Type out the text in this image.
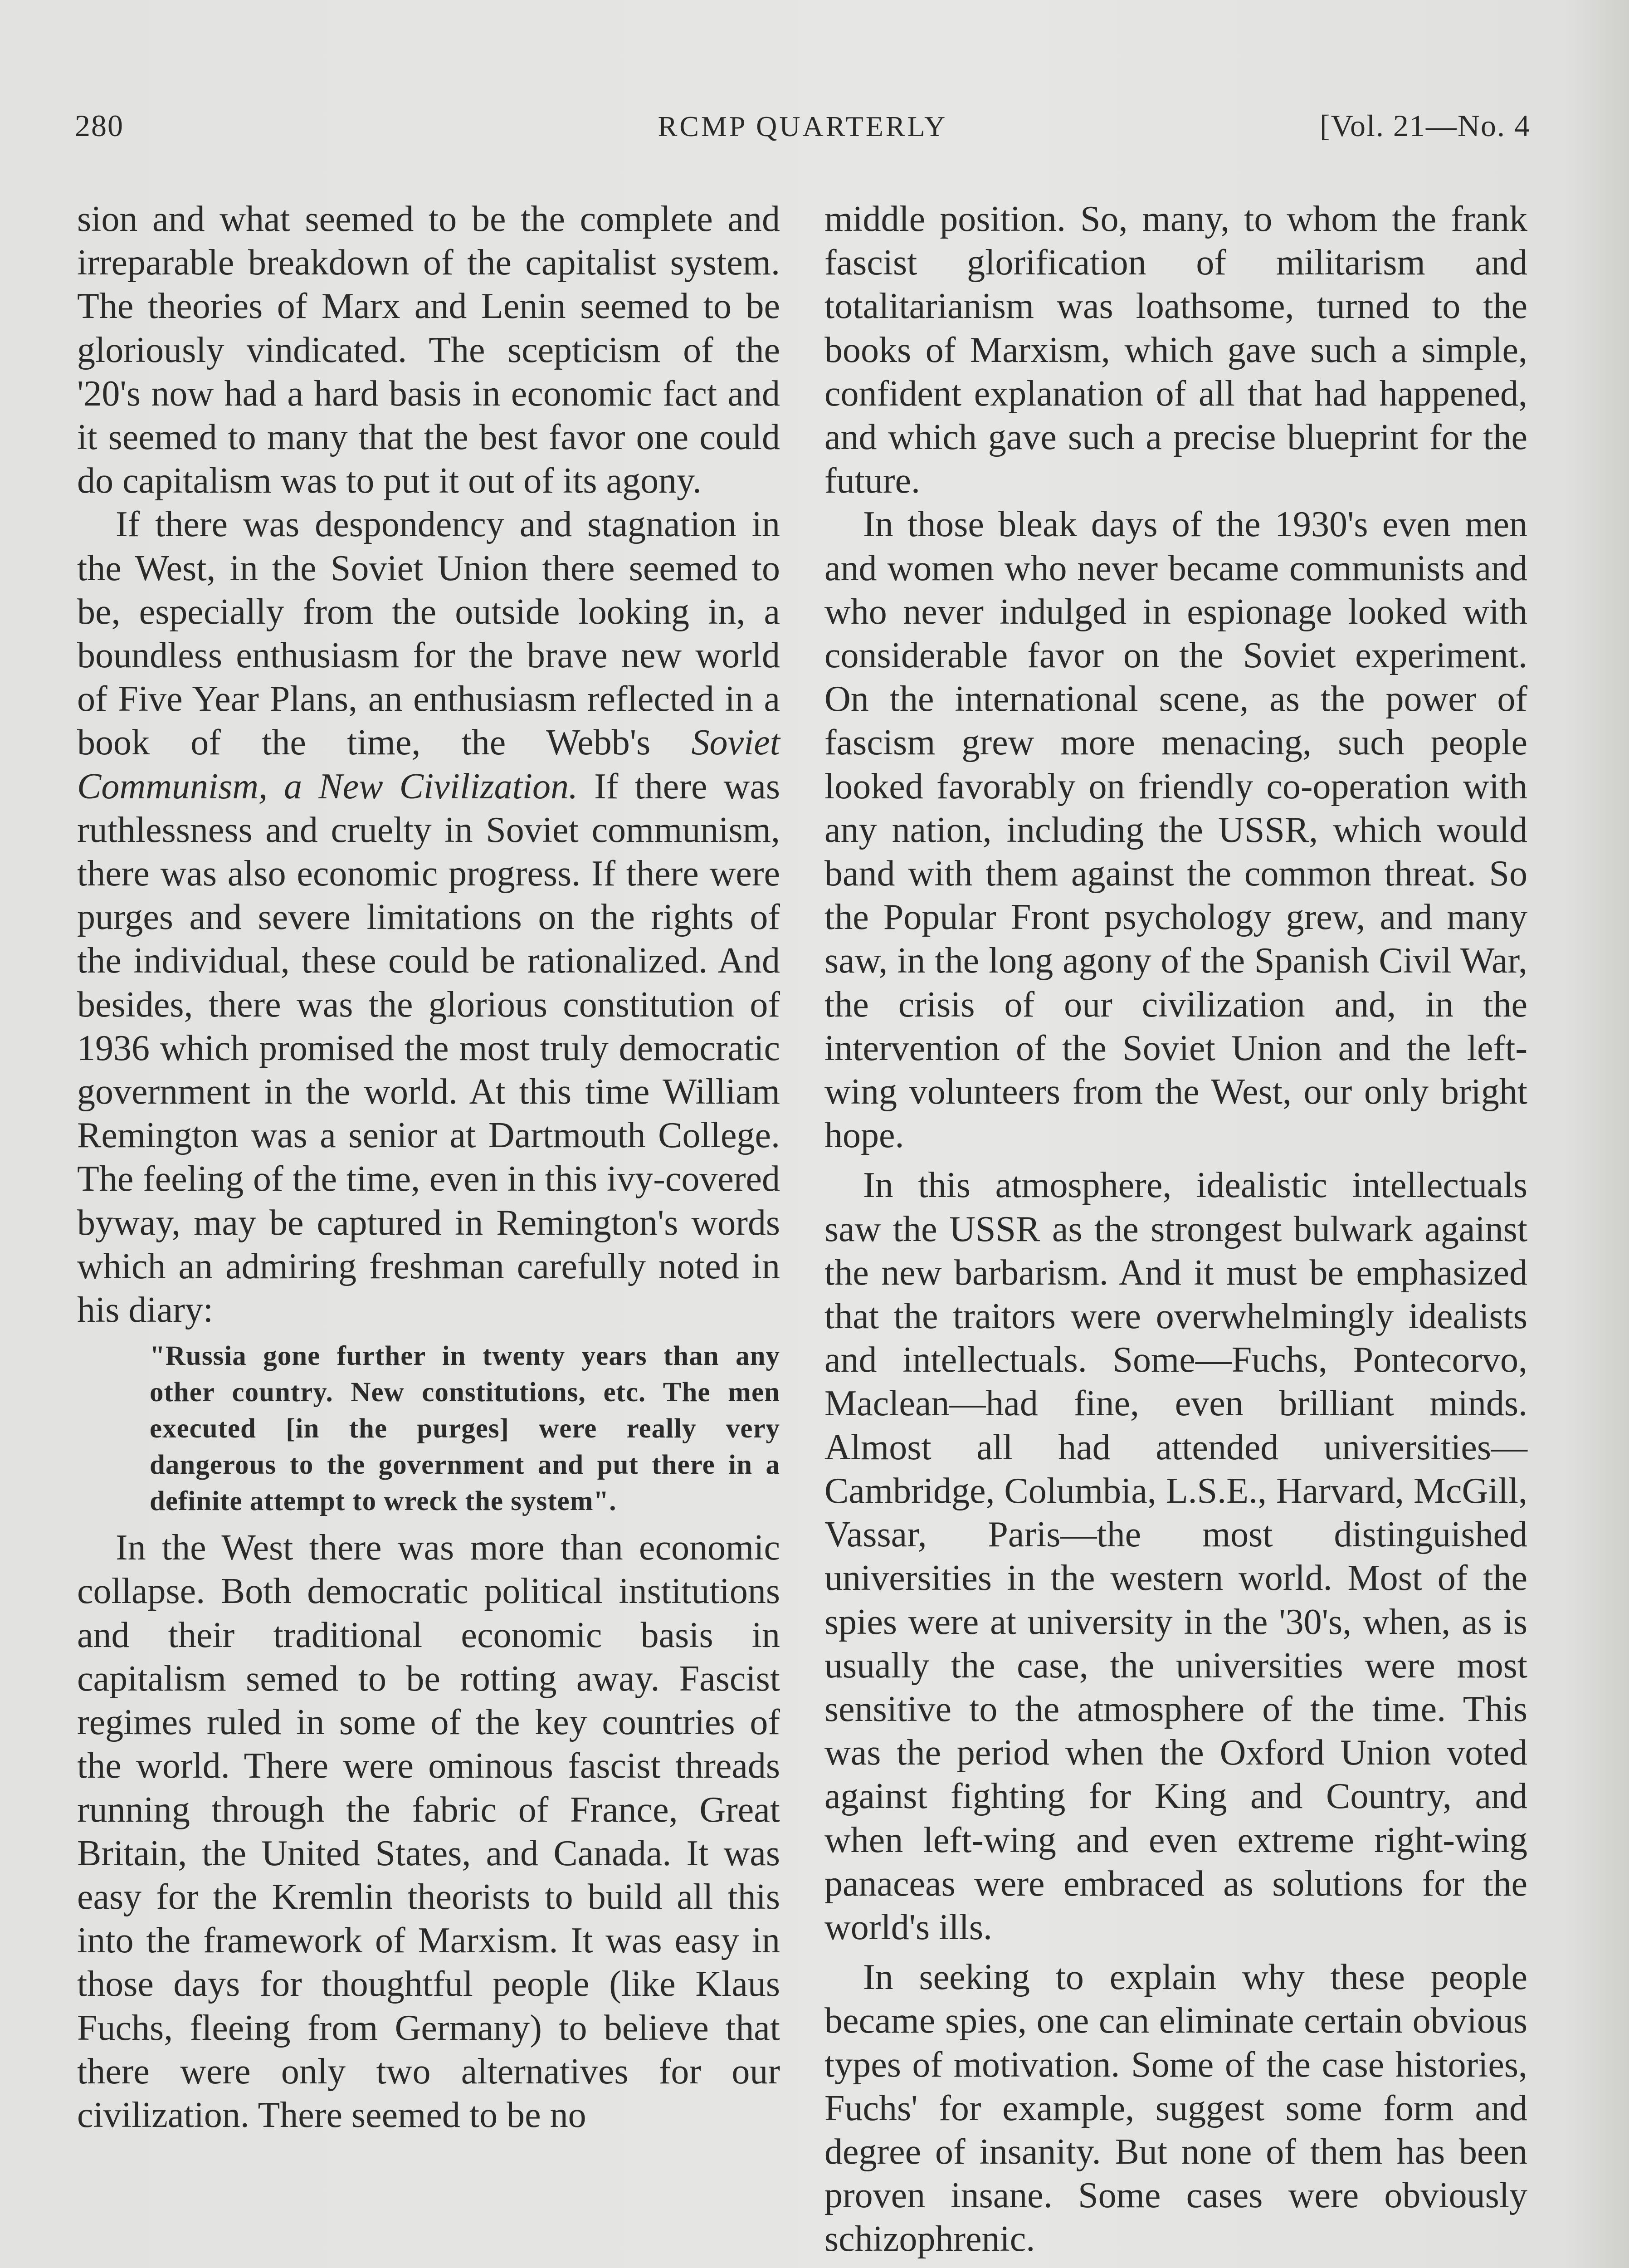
280	RCMP QUARTERLY	[Vol. 21—No. 4

sion and what seemed to be the complete and irreparable breakdown of the capitalist system. The theories of Marx and Lenin seemed to be gloriously vindicated. The scepticism of the '20's now had a hard basis in economic fact and it seemed to many that the best favor one could do capitalism was to put it out of its agony.

If there was despondency and stagnation in the West, in the Soviet Union there seemed to be, especially from the outside looking in, a boundless enthusiasm for the brave new world of Five Year Plans, an enthusiasm reflected in a book of the time, the Webb's Soviet Communism, a New Civilization. If there was ruthlessness and cruelty in Soviet communism, there was also economic progress. If there were purges and severe limitations on the rights of the individual, these could be rationalized. And besides, there was the glorious constitution of 1936 which promised the most truly democratic government in the world. At this time William Remington was a senior at Dartmouth College. The feeling of the time, even in this ivy-covered byway, may be captured in Remington's words which an admiring freshman carefully noted in his diary:

"Russia gone further in twenty years than any other country. New constitutions, etc. The men executed [in the purges] were really very dangerous to the government and put there in a definite attempt to wreck the system".

In the West there was more than economic collapse. Both democratic political institutions and their traditional economic basis in capitalism semed to be rotting away. Fascist regimes ruled in some of the key countries of the world. There were ominous fascist threads running through the fabric of France, Great Britain, the United States, and Canada. It was easy for the Kremlin theorists to build all this into the framework of Marxism. It was easy in those days for thoughtful people (like Klaus Fuchs, fleeing from Germany) to believe that there were only two alternatives for our civilization. There seemed to be no

middle position. So, many, to whom the frank fascist glorification of militarism and totalitarianism was loathsome, turned to the books of Marxism, which gave such a simple, confident explanation of all that had happened, and which gave such a precise blueprint for the future.

In those bleak days of the 1930's even men and women who never became communists and who never indulged in espionage looked with considerable favor on the Soviet experiment. On the international scene, as the power of fascism grew more menacing, such people looked favorably on friendly co-operation with any nation, including the USSR, which would band with them against the common threat. So the Popular Front psychology grew, and many saw, in the long agony of the Spanish Civil War, the crisis of our civilization and, in the intervention of the Soviet Union and the left-wing volunteers from the West, our only bright hope.

In this atmosphere, idealistic intellectuals saw the USSR as the strongest bulwark against the new barbarism. And it must be emphasized that the traitors were overwhelmingly idealists and intellectuals. Some—Fuchs, Pontecorvo, Maclean—had fine, even brilliant minds. Almost all had attended universities—Cambridge, Columbia, L.S.E., Harvard, McGill, Vassar, Paris—the most distinguished universities in the western world. Most of the spies were at university in the '30's, when, as is usually the case, the universities were most sensitive to the atmosphere of the time. This was the period when the Oxford Union voted against fighting for King and Country, and when left-wing and even extreme right-wing panaceas were embraced as solutions for the world's ills.

In seeking to explain why these people became spies, one can eliminate certain obvious types of motivation. Some of the case histories, Fuchs' for example, suggest some form and degree of insanity. But none of them has been proven insane. Some cases were obviously schizophrenic.
